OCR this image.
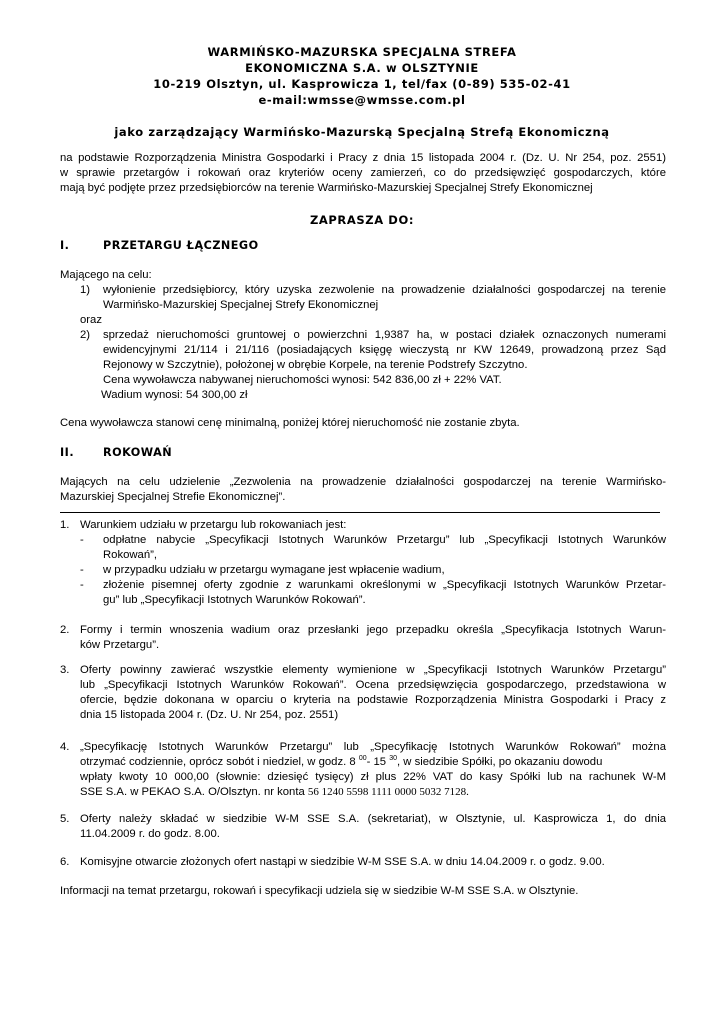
WARMIŃSKO-MAZURSKA SPECJALNA STREFA
EKONOMICZNA S.A. w OLSZTYNIE
10-219 Olsztyn, ul. Kasprowicza 1, tel/fax (0-89) 535-02-41
e-mail:wmsse@wmsse.com.pl
jako zarządzający Warmińsko-Mazurską Specjalną Strefą Ekonomiczną
na podstawie Rozporządzenia Ministra Gospodarki i Pracy z dnia 15 listopada 2004 r. (Dz. U. Nr 254, poz. 2551)
w sprawie przetargów i rokowań oraz kryteriów oceny zamierzeń, co do przedsięwzięć gospodarczych, które
mają być podjęte przez przedsiębiorców na terenie Warmińsko-Mazurskiej Specjalnej Strefy Ekonomicznej
ZAPRASZA DO:
I.	PRZETARGU ŁĄCZNEGO
Mającego na celu:
1) wyłonienie przedsiębiorcy, który uzyska zezwolenie na prowadzenie działalności gospodarczej na terenie
Warmińsko-Mazurskiej Specjalnej Strefy Ekonomicznej
oraz
2) sprzedaż nieruchomości gruntowej o powierzchni 1,9387 ha, w postaci działek oznaczonych numerami
ewidencyjnymi 21/114 i 21/116 (posiadających księgę wieczystą nr KW 12649, prowadzoną przez Sąd
Rejonowy w Szczytnie), położonej w obrębie Korpele, na terenie Podstrefy Szczytno.
Cena wywoławcza nabywanej nieruchomości wynosi: 542 836,00 zł + 22% VAT.
Wadium wynosi: 54 300,00 zł
Cena wywoławcza stanowi cenę minimalną, poniżej której nieruchomość nie zostanie zbyta.
II.	ROKOWAŃ
Mających na celu udzielenie „Zezwolenia na prowadzenie działalności gospodarczej na terenie Warmińsko-
Mazurskiej Specjalnej Strefie Ekonomicznej”.
1. Warunkiem udziału w przetargu lub rokowaniach jest:
- odpłatne nabycie „Specyfikacji Istotnych Warunków Przetargu” lub „Specyfikacji Istotnych Warunków
Rokowań”,
- w przypadku udziału w przetargu wymagane jest wpłacenie wadium,
- złożenie pisemnej oferty zgodnie z warunkami określonymi w „Specyfikacji Istotnych Warunków Przetar-
gu” lub „Specyfikacji Istotnych Warunków Rokowań”.
2. Formy i termin wnoszenia wadium oraz przesłanki jego przepadku określa „Specyfikacja Istotnych Warun-
ków Przetargu”.
3. Oferty powinny zawierać wszystkie elementy wymienione w „Specyfikacji Istotnych Warunków Przetargu”
lub „Specyfikacji Istotnych Warunków Rokowań”. Ocena przedsięwzięcia gospodarczego, przedstawiona w
ofercie, będzie dokonana w oparciu o kryteria na podstawie Rozporządzenia Ministra Gospodarki i Pracy z
dnia 15 listopada 2004 r. (Dz. U. Nr 254, poz. 2551)
4. „Specyfikację Istotnych Warunków Przetargu” lub „Specyfikację Istotnych Warunków Rokowań” można
otrzymać codziennie, oprócz sobót i niedziel, w godz. 8 $^{00}$- 15 $^{30}$, w siedzibie Spółki, po okazaniu dowodu
wpłaty kwoty 10 000,00 (słownie: dziesięć tysięcy) zł plus 22% VAT do kasy Spółki lub na rachunek W-M
SSE S.A. w PEKAO S.A. O/Olsztyn. nr konta 56 1240 5598 1111 0000 5032 7128.
5. Oferty należy składać w siedzibie W-M SSE S.A. (sekretariat), w Olsztynie, ul. Kasprowicza 1, do dnia
11.04.2009 r. do godz. 8.00.
6. Komisyjne otwarcie złożonych ofert nastąpi w siedzibie W-M SSE S.A. w dniu 14.04.2009 r. o godz. 9.00.
Informacji na temat przetargu, rokowań i specyfikacji udziela się w siedzibie W-M SSE S.A. w Olsztynie.
